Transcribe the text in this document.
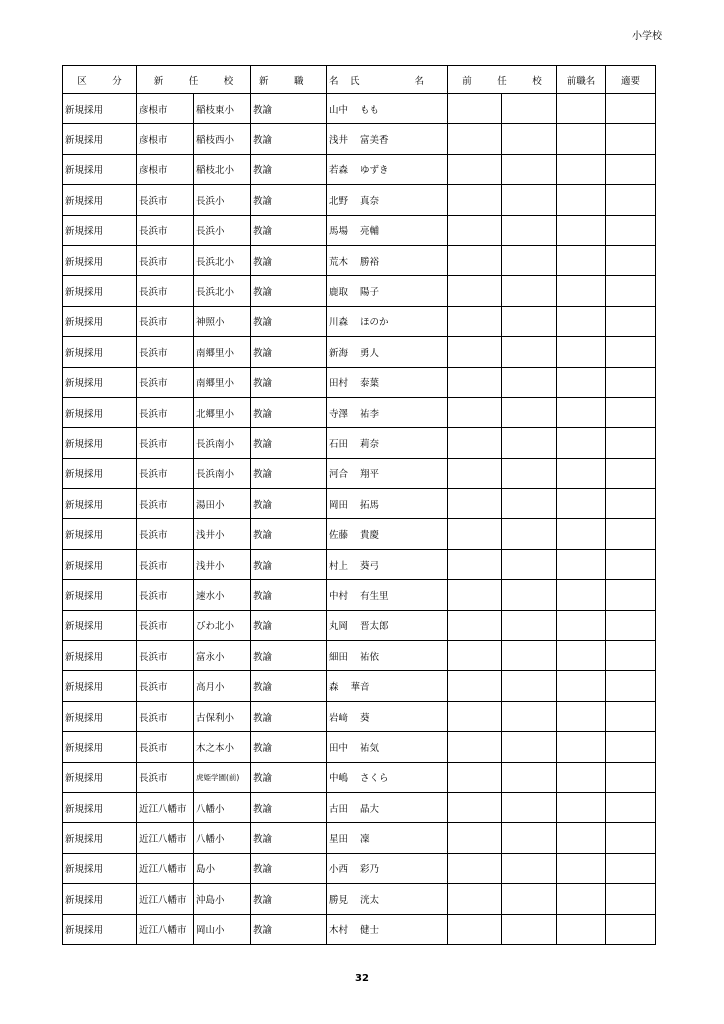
小学校
区　分	新　任　校		新　職　名	氏　　名	前　任　校		前職名	適要
新規採用	彦根市	稲枝東小	教諭	山中 もも				
新規採用	彦根市	稲枝西小	教諭	浅井 富美香				
新規採用	彦根市	稲枝北小	教諭	若森 ゆずき				
新規採用	長浜市	長浜小	教諭	北野 真奈				
新規採用	長浜市	長浜小	教諭	馬場 亮輔				
新規採用	長浜市	長浜北小	教諭	荒木 勝裕				
新規採用	長浜市	長浜北小	教諭	鹿取 陽子				
新規採用	長浜市	神照小	教諭	川森 ほのか				
新規採用	長浜市	南郷里小	教諭	新海 勇人				
新規採用	長浜市	南郷里小	教諭	田村 泰葉				
新規採用	長浜市	北郷里小	教諭	寺澤 祐李				
新規採用	長浜市	長浜南小	教諭	石田 莉奈				
新規採用	長浜市	長浜南小	教諭	河合 翔平				
新規採用	長浜市	湯田小	教諭	岡田 拓馬				
新規採用	長浜市	浅井小	教諭	佐藤 貴慶				
新規採用	長浜市	浅井小	教諭	村上 葵弓				
新規採用	長浜市	速水小	教諭	中村 有生里				
新規採用	長浜市	びわ北小	教諭	丸岡 晋太郎				
新規採用	長浜市	富永小	教諭	細田 祐依				
新規採用	長浜市	高月小	教諭	森 華音				
新規採用	長浜市	古保利小	教諭	岩﨑 葵				
新規採用	長浜市	木之本小	教諭	田中 祐気				
新規採用	長浜市	虎姫学園(前)	教諭	中嶋 さくら				
新規採用	近江八幡市	八幡小	教諭	古田 晶大				
新規採用	近江八幡市	八幡小	教諭	星田 凜				
新規採用	近江八幡市	島小	教諭	小西 彩乃				
新規採用	近江八幡市	沖島小	教諭	勝見 洸太				
新規採用	近江八幡市	岡山小	教諭	木村 健士				
32
